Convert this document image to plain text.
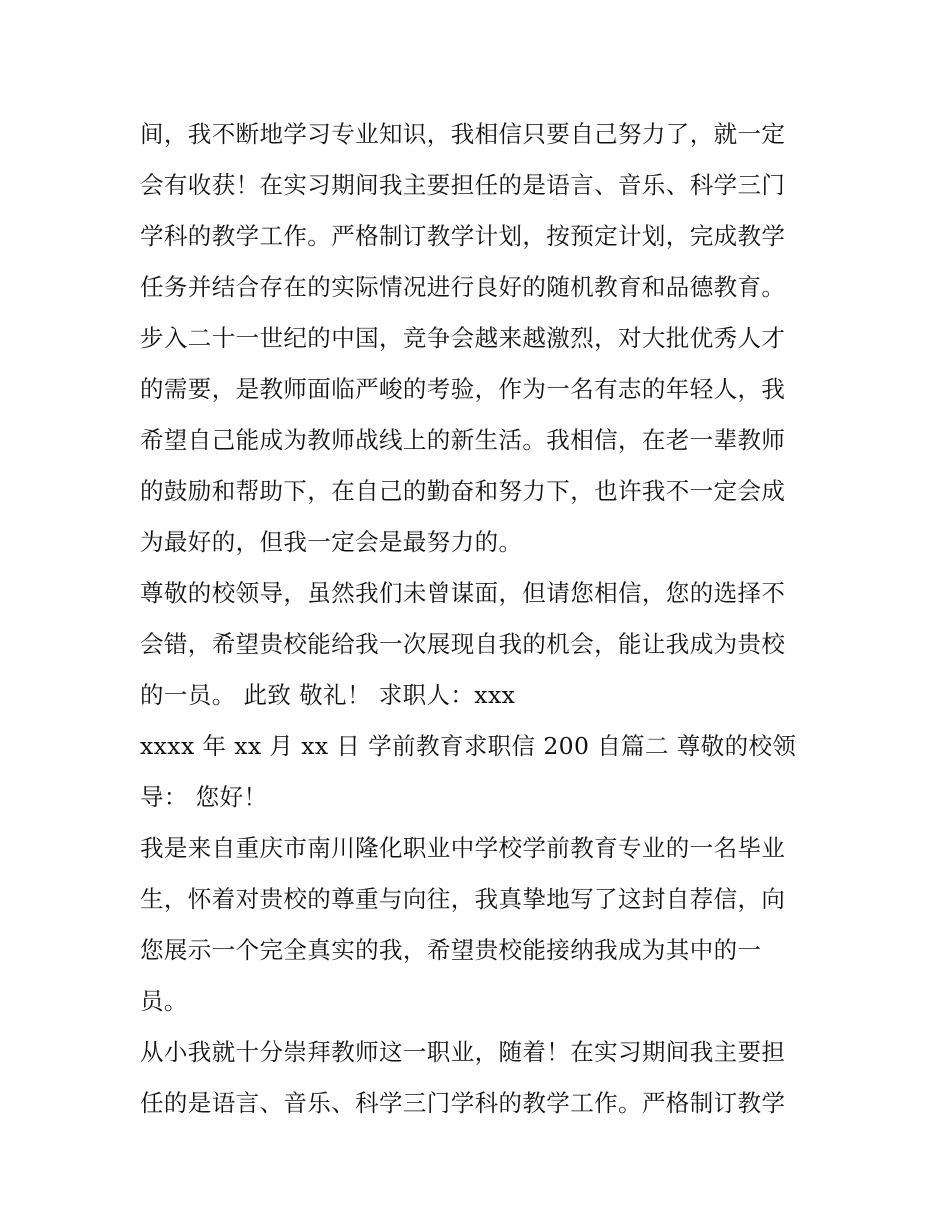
间，我不断地学习专业知识，我相信只要自己努力了，就一定
会有收获！在实习期间我主要担任的是语言、音乐、科学三门
学科的教学工作。严格制订教学计划，按预定计划，完成教学
任务并结合存在的实际情况进行良好的随机教育和品德教育。
步入二十一世纪的中国，竞争会越来越激烈，对大批优秀人才
的需要，是教师面临严峻的考验，作为一名有志的年轻人，我
希望自己能成为教师战线上的新生活。我相信，在老一辈教师
的鼓励和帮助下，在自己的勤奋和努力下，也许我不一定会成
为最好的，但我一定会是最努力的。
尊敬的校领导，虽然我们未曾谋面，但请您相信，您的选择不
会错，希望贵校能给我一次展现自我的机会，能让我成为贵校
的一员。 此致 敬礼！ 求职人：xxx
xxxx 年 xx 月 xx 日 学前教育求职信 200 自篇二 尊敬的校领
导： 您好！
我是来自重庆市南川隆化职业中学校学前教育专业的一名毕业
生，怀着对贵校的尊重与向往，我真挚地写了这封自荐信，向
您展示一个完全真实的我，希望贵校能接纳我成为其中的一
员。
从小我就十分崇拜教师这一职业，随着！在实习期间我主要担
任的是语言、音乐、科学三门学科的教学工作。严格制订教学
